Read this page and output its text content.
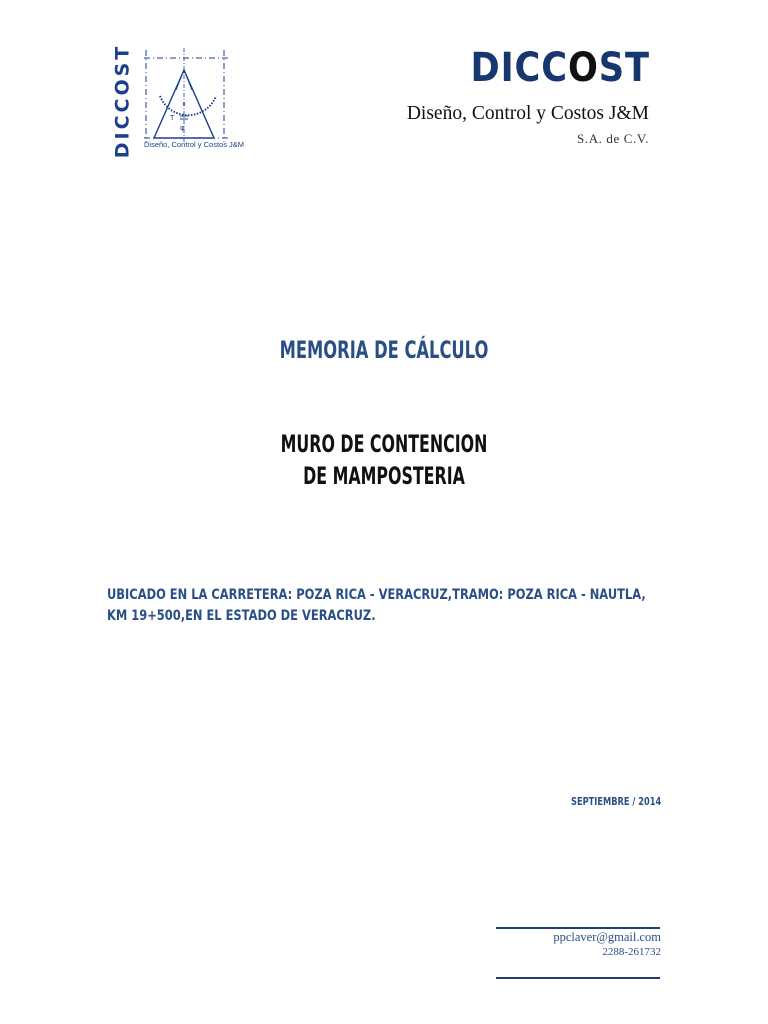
DICCOST	T
φ
Diseño, Control y Costos J&M
DICCOST
Diseño, Control y Costos J&M
S.A. de C.V.
MEMORIA DE CÁLCULO
MURO DE CONTENCION
DE MAMPOSTERIA
UBICADO EN LA CARRETERA: POZA RICA - VERACRUZ,TRAMO: POZA RICA - NAUTLA, KM 19+500,EN EL ESTADO DE VERACRUZ.
SEPTIEMBRE / 2014
ppclaver@gmail.com
2288-261732
